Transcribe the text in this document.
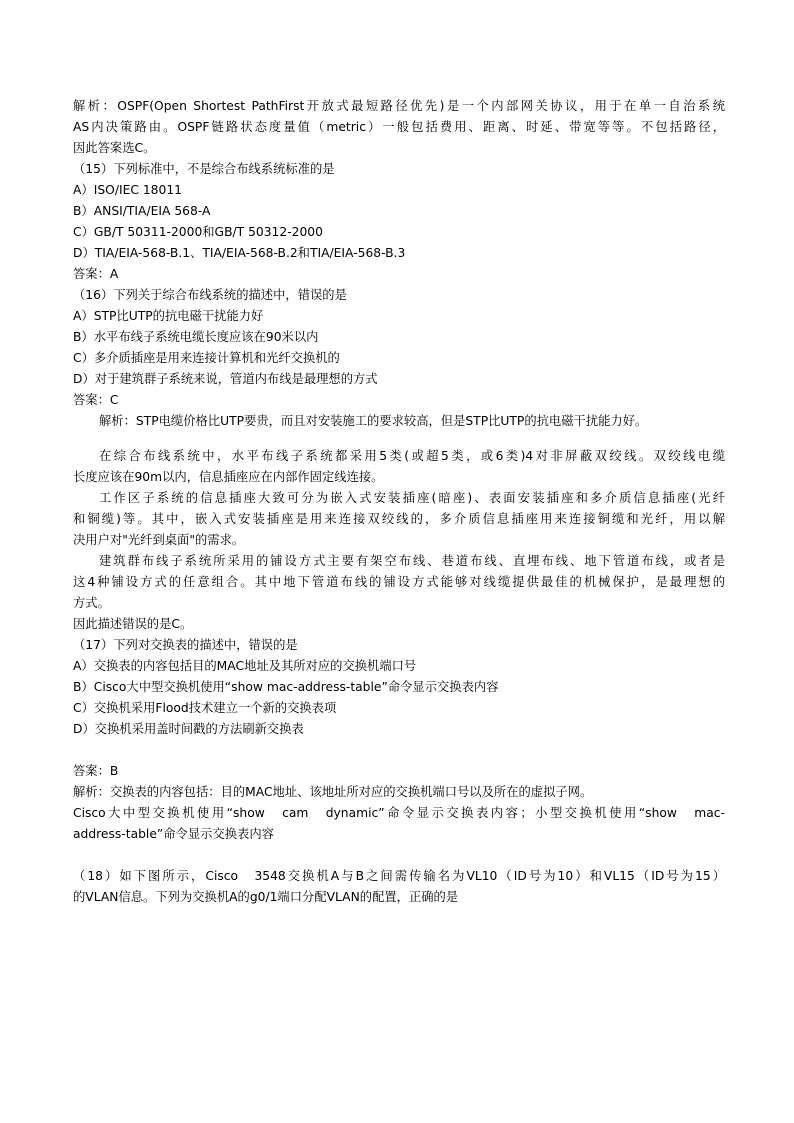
解析：OSPF(Open Shortest PathFirst开放式最短路径优先)是一个内部网关协议，用于在单一自治系统
AS内决策路由。OSPF链路状态度量值（metric）一般包括费用、距离、时延、带宽等等。不包括路径，
因此答案选C。
（15）下列标准中，不是综合布线系统标准的是
A）ISO/IEC 18011
B）ANSI/TIA/EIA 568-A
C）GB/T 50311-2000和GB/T 50312-2000
D）TIA/EIA-568-B.1、TIA/EIA-568-B.2和TIA/EIA-568-B.3
答案：A
（16）下列关于综合布线系统的描述中，错误的是
A）STP比UTP的抗电磁干扰能力好
B）水平布线子系统电缆长度应该在90米以内
C）多介质插座是用来连接计算机和光纤交换机的
D）对于建筑群子系统来说，管道内布线是最理想的方式
答案：C
解析：STP电缆价格比UTP要贵，而且对安装施工的要求较高，但是STP比UTP的抗电磁干扰能力好。
在综合布线系统中，水平布线子系统都采用5类(或超5类，或6类)4对非屏蔽双绞线。双绞线电缆
长度应该在90m以内，信息插座应在内部作固定线连接。
工作区子系统的信息插座大致可分为嵌入式安装插座(暗座)、表面安装插座和多介质信息插座(光纤
和铜缆)等。其中，嵌入式安装插座是用来连接双绞线的，多介质信息插座用来连接铜缆和光纤，用以解
决用户对"光纤到桌面"的需求。
建筑群布线子系统所采用的铺设方式主要有架空布线、巷道布线、直埋布线、地下管道布线，或者是
这4种铺设方式的任意组合。其中地下管道布线的铺设方式能够对线缆提供最佳的机械保护，是最理想的
方式。
因此描述错误的是C。
（17）下列对交换表的描述中，错误的是
A）交换表的内容包括目的MAC地址及其所对应的交换机端口号
B）Cisco大中型交换机使用“show mac-address-table”命令显示交换表内容
C）交换机采用Flood技术建立一个新的交换表项
D）交换机采用盖时间戳的方法刷新交换表
答案：B
解析：交换表的内容包括：目的MAC地址、该地址所对应的交换机端口号以及所在的虚拟子网。
Cisco大中型交换机使用“show　cam　dynamic”命令显示交换表内容；小型交换机使用“show　mac-
address-table”命令显示交换表内容
（18）如下图所示，Cisco　3548交换机A与B之间需传输名为VL10（ID号为10）和VL15（ID号为15）
的VLAN信息。下列为交换机A的g0/1端口分配VLAN的配置，正确的是
